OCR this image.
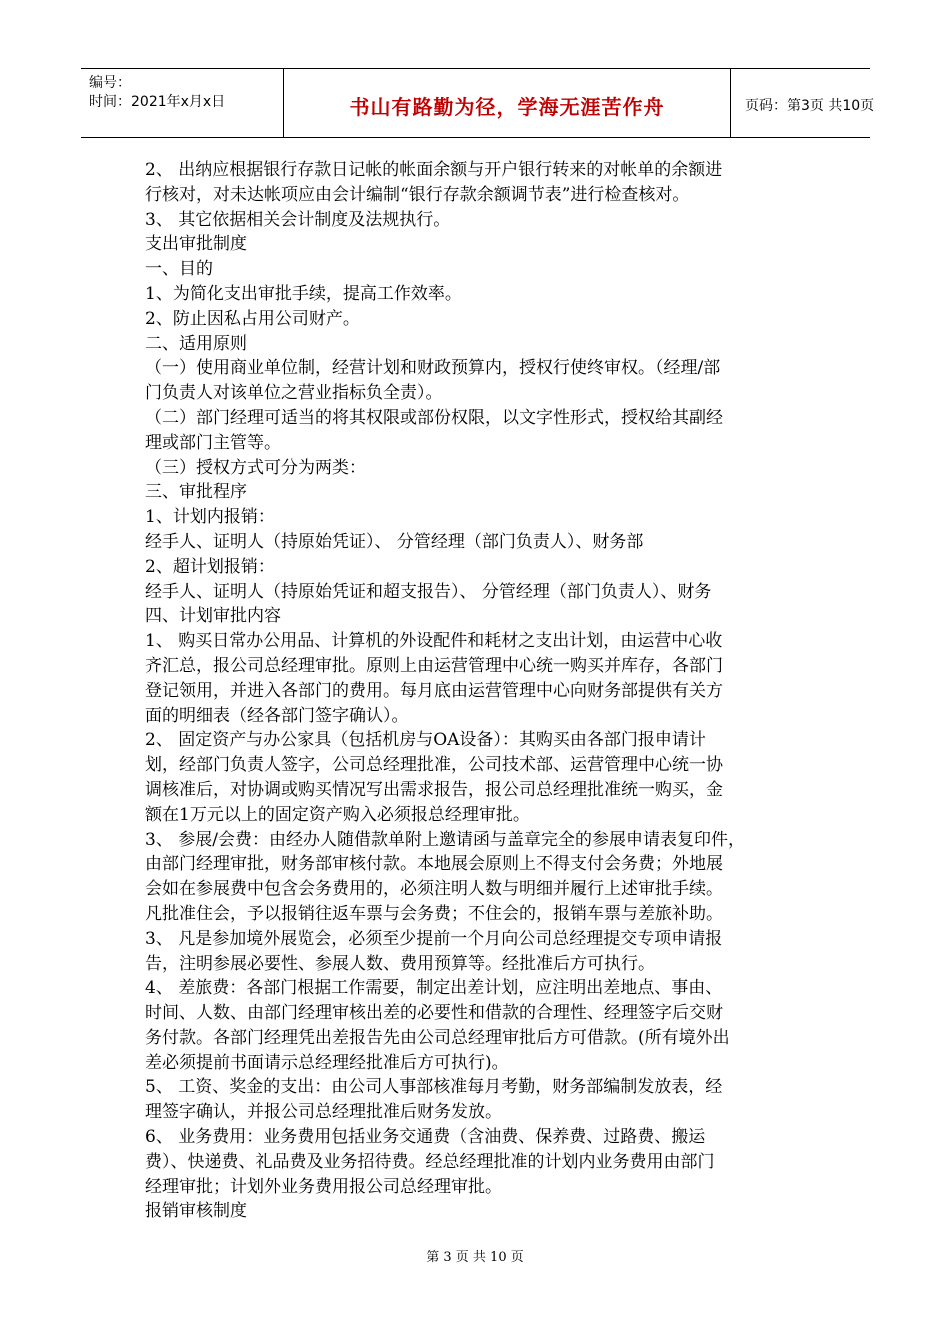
编号：
时间：2021年x月x日	书山有路勤为径，学海无涯苦作舟	页码：第3页 共10页
2、 出纳应根据银行存款日记帐的帐面余额与开户银行转来的对帐单的余额进
行核对，对未达帐项应由会计编制“银行存款余额调节表”进行检查核对。
3、 其它依据相关会计制度及法规执行。
支出审批制度
一、目的
1、为简化支出审批手续，提高工作效率。
2、防止因私占用公司财产。
二、适用原则
（一）使用商业单位制，经营计划和财政预算内，授权行使终审权。（经理/部
门负责人对该单位之营业指标负全责）。
（二）部门经理可适当的将其权限或部份权限，以文字性形式，授权给其副经
理或部门主管等。
（三）授权方式可分为两类：
三、审批程序
1、计划内报销：
经手人、证明人（持原始凭证）、 分管经理（部门负责人）、财务部
2、超计划报销：
经手人、证明人（持原始凭证和超支报告）、 分管经理（部门负责人）、财务
四、计划审批内容
1、 购买日常办公用品、计算机的外设配件和耗材之支出计划，由运营中心收
齐汇总，报公司总经理审批。原则上由运营管理中心统一购买并库存，各部门
登记领用，并进入各部门的费用。每月底由运营管理中心向财务部提供有关方
面的明细表（经各部门签字确认）。
2、 固定资产与办公家具（包括机房与OA设备）：其购买由各部门报申请计
划，经部门负责人签字，公司总经理批准，公司技术部、运营管理中心统一协
调核准后，对协调或购买情况写出需求报告，报公司总经理批准统一购买，金
额在1万元以上的固定资产购入必须报总经理审批。
3、 参展/会费：由经办人随借款单附上邀请函与盖章完全的参展申请表复印件，
由部门经理审批，财务部审核付款。本地展会原则上不得支付会务费；外地展
会如在参展费中包含会务费用的，必须注明人数与明细并履行上述审批手续。
凡批准住会，予以报销往返车票与会务费；不住会的，报销车票与差旅补助。
3、 凡是参加境外展览会，必须至少提前一个月向公司总经理提交专项申请报
告，注明参展必要性、参展人数、费用预算等。经批准后方可执行。
4、 差旅费：各部门根据工作需要，制定出差计划，应注明出差地点、事由、
时间、人数、由部门经理审核出差的必要性和借款的合理性、经理签字后交财
务付款。各部门经理凭出差报告先由公司总经理审批后方可借款。(所有境外出
差必须提前书面请示总经理经批准后方可执行)。
5、 工资、奖金的支出：由公司人事部核准每月考勤，财务部编制发放表，经
理签字确认，并报公司总经理批准后财务发放。
6、 业务费用：业务费用包括业务交通费（含油费、保养费、过路费、搬运
费）、快递费、礼品费及业务招待费。经总经理批准的计划内业务费用由部门
经理审批；计划外业务费用报公司总经理审批。
报销审核制度
第 3 页 共 10 页
